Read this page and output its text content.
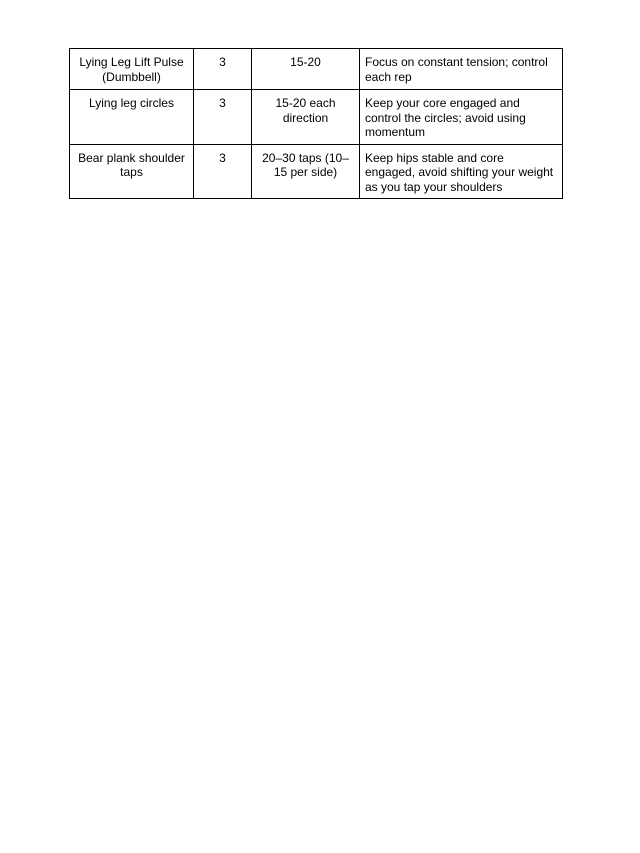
Lying Leg Lift Pulse (Dumbbell)	3	15-20	Focus on constant tension; control each rep
Lying leg circles	3	15-20 each direction	Keep your core engaged and control the circles; avoid using momentum
Bear plank shoulder taps	3	20–30 taps (10–15 per side)	Keep hips stable and core engaged, avoid shifting your weight as you tap your shoulders
